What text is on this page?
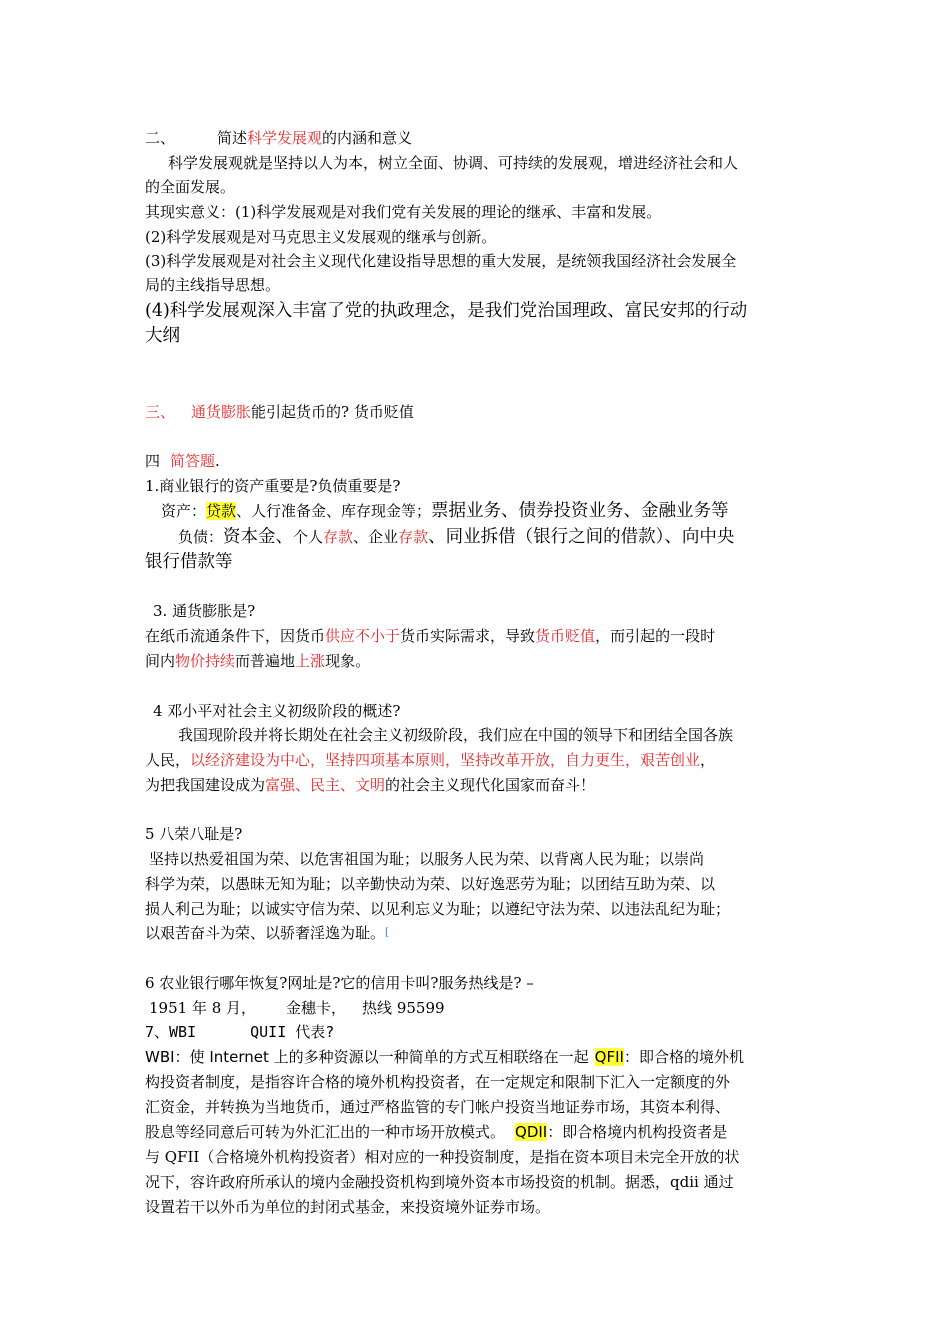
二、	简述科学发展观的内涵和意义
科学发展观就是坚持以人为本，树立全面、协调、可持续的发展观，增进经济社会和人
的全面发展。
其现实意义：(1)科学发展观是对我们党有关发展的理论的继承、丰富和发展。
(2)科学发展观是对马克思主义发展观的继承与创新。
(3)科学发展观是对社会主义现代化建设指导思想的重大发展，是统领我国经济社会发展全
局的主线指导思想。
(4)科学发展观深入丰富了党的执政理念，是我们党治国理政、富民安邦的行动
大纲
三、 通货膨胀能引起货币的? 货币贬值
四 简答题.
1.商业银行的资产重要是?负债重要是?
资产：贷款、人行准备金、库存现金等；票据业务、债券投资业务、金融业务等
负债：资本金、个人存款、企业存款、同业拆借（银行之间的借款）、向中央
银行借款等
3. 通货膨胀是?
在纸币流通条件下，因货币供应不小于货币实际需求，导致货币贬值，而引起的一段时
间内物价持续而普遍地上涨现象。
4 邓小平对社会主义初级阶段的概述?
我国现阶段并将长期处在社会主义初级阶段，我们应在中国的领导下和团结全国各族
人民，以经济建设为中心，坚持四项基本原则，坚持改革开放，自力更生，艰苦创业，
为把我国建设成为富强、民主、文明的社会主义现代化国家而奋斗！
5 八荣八耻是?
坚持以热爱祖国为荣、以危害祖国为耻；以服务人民为荣、以背离人民为耻；以崇尚
科学为荣，以愚昧无知为耻；以辛勤快动为荣、以好逸恶劳为耻；以团结互助为荣、以
损人利己为耻；以诚实守信为荣、以见利忘义为耻；以遵纪守法为荣、以违法乱纪为耻；
以艰苦奋斗为荣、以骄奢淫逸为耻。[
6 农业银行哪年恢复?网址是?它的信用卡叫?服务热线是? –
1951 年 8 月， 金穗卡， 热线 95599
7、WBI	QUII 代表?
WBI：使 Internet 上的多种资源以一种简单的方式互相联络在一起 QFII：即合格的境外机
构投资者制度，是指容许合格的境外机构投资者，在一定规定和限制下汇入一定额度的外
汇资金，并转换为当地货币，通过严格监管的专门帐户投资当地证券市场，其资本利得、
股息等经同意后可转为外汇汇出的一种市场开放模式。 QDII：即合格境内机构投资者是
与 QFII（合格境外机构投资者）相对应的一种投资制度，是指在资本项目未完全开放的状
况下，容许政府所承认的境内金融投资机构到境外资本市场投资的机制。据悉，qdii 通过
设置若干以外币为单位的封闭式基金，来投资境外证券市场。
